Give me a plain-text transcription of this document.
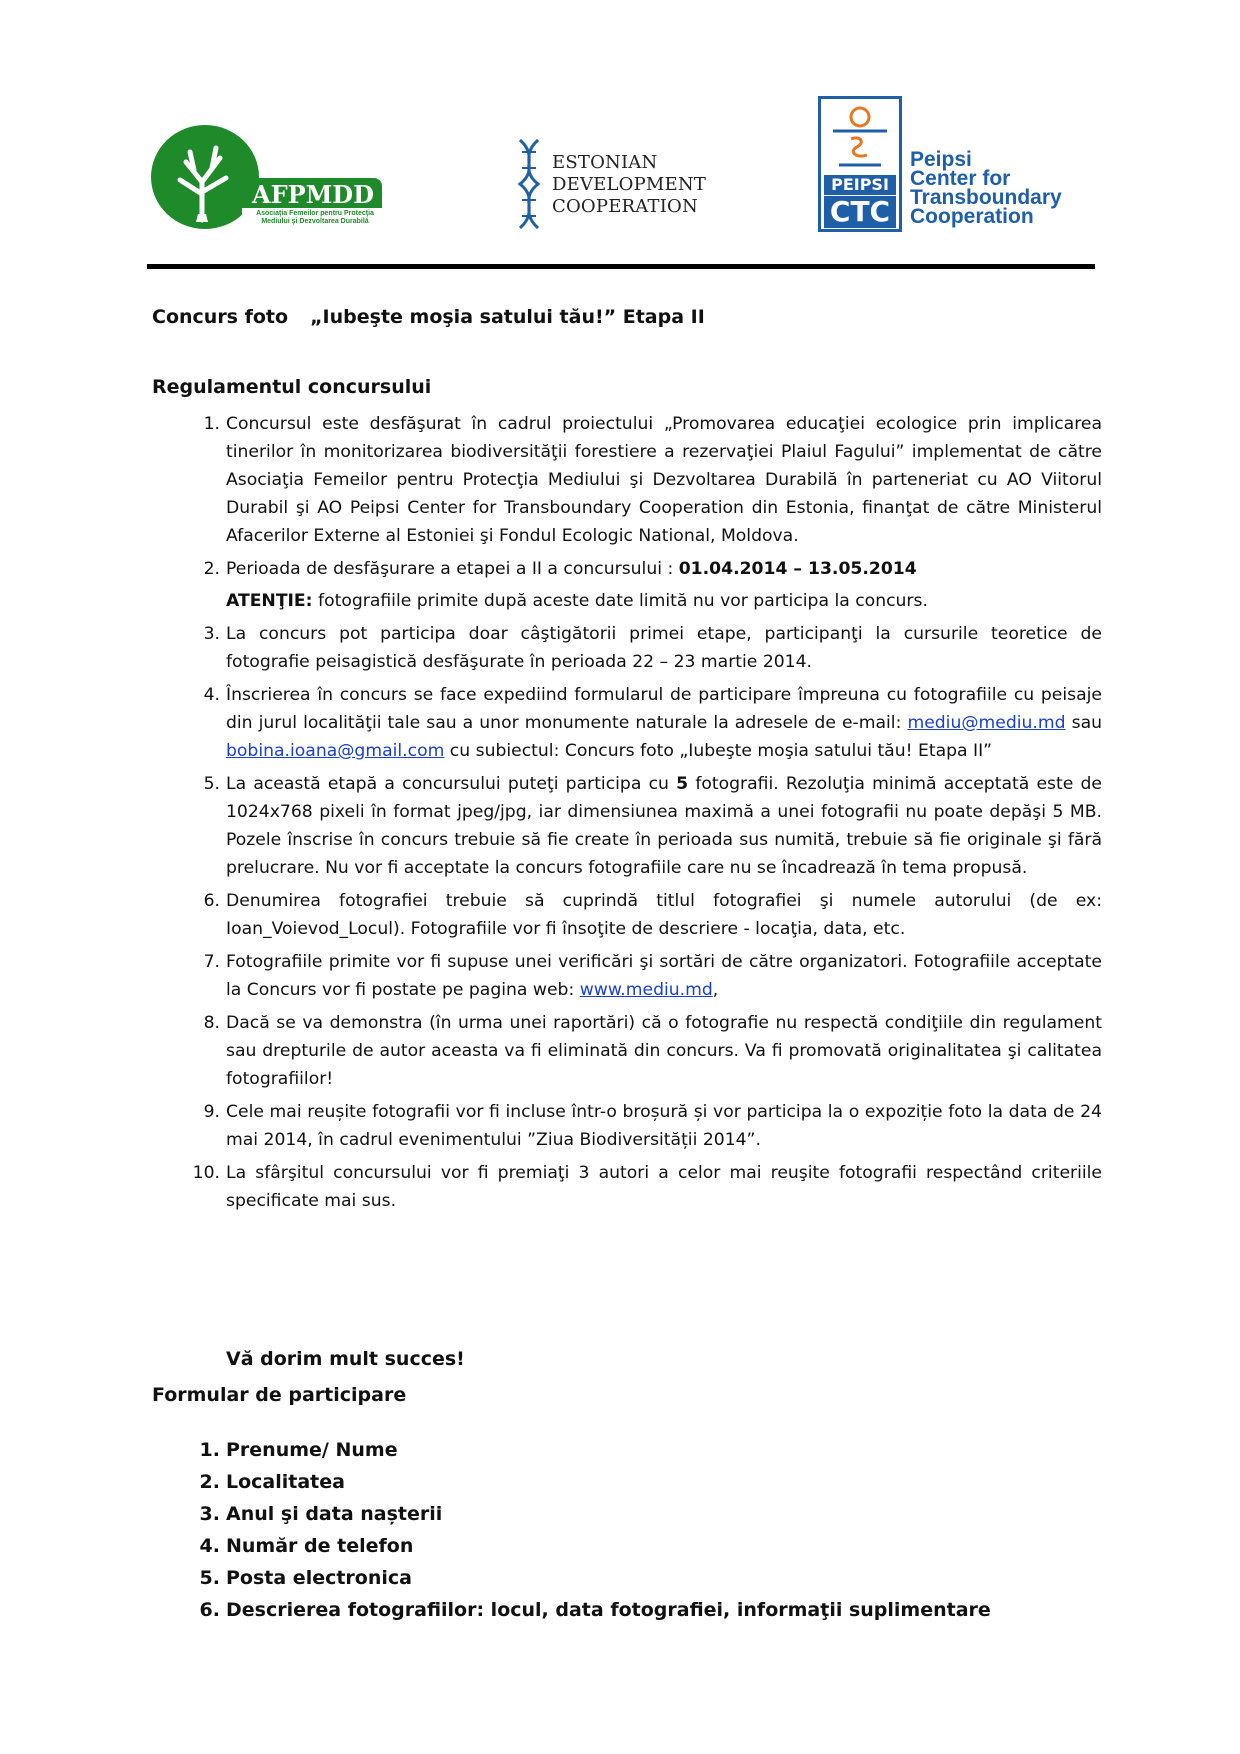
AFPMDD
Asociaţia Femeilor pentru Protecţia Mediului şi Dezvoltarea Durabilă
ESTONIAN
DEVELOPMENT
COOPERATION
PEIPSI
CTC
Peipsi
Center for
Transboundary
Cooperation
Concurs foto „Iubeşte moşia satului tău!” Etapa II
Regulamentul concursului
1 . Concursul este desfăşurat în cadrul proiectului „Promovarea educaţiei ecologice prin implicarea tinerilor în monitorizarea biodiversităţii forestiere a rezervaţiei Plaiul Fagului” implementat de către Asociaţia Femeilor pentru Protecţia Mediului şi Dezvoltarea Durabilă în parteneriat cu AO Viitorul Durabil şi AO Peipsi Center for Transboundary Cooperation din Estonia, finanţat de către Ministerul Afacerilor Externe al Estoniei şi Fondul Ecologic National, Moldova.

2 . Perioada de desfăşurare a etapei a II a concursului : 01.04.2014 – 13.05.2014

ATENŢIE: fotografiile primite după aceste date limită nu vor participa la concurs.

3 . La concurs pot participa doar câştigătorii primei etape, participanţi la cursurile teoretice de fotografie peisagistică desfăşurate în perioada 22 – 23 martie 2014.

4 . Înscrierea în concurs se face expediind formularul de participare împreuna cu fotografiile cu peisaje din jurul localităţii tale sau a unor monumente naturale la adresele de e-mail: mediu@mediu.md sau bobina.ioana@gmail.com cu subiectul: Concurs foto „Iubeşte moşia satului tău! Etapa II”

5 . La această etapă a concursului puteţi participa cu 5 fotografii. Rezoluţia minimă acceptată este de 1024x768 pixeli în format jpeg/jpg, iar dimensiunea maximă a unei fotografii nu poate depăşi 5 MB. Pozele înscrise în concurs trebuie să fie create în perioada sus numită, trebuie să fie originale şi fără prelucrare. Nu vor fi acceptate la concurs fotografiile care nu se încadrează în tema propusă.

6 . Denumirea fotografiei trebuie să cuprindă titlul fotografiei şi numele autorului (de ex: Ioan_Voievod_Locul). Fotografiile vor fi însoţite de descriere - locaţia, data, etc.

7 . Fotografiile primite vor fi supuse unei verificări şi sortări de către organizatori. Fotografiile acceptate la Concurs vor fi postate pe pagina web: www.mediu.md,

8 . Dacă se va demonstra (în urma unei raportări) că o fotografie nu respectă condiţiile din regulament sau drepturile de autor aceasta va fi eliminată din concurs. Va fi promovată originalitatea şi calitatea fotografiilor!

9 . Cele mai reușite fotografii vor fi incluse într-o broșură și vor participa la o expoziție foto la data de 24 mai 2014, în cadrul evenimentului ”Ziua Biodiversității 2014”.

10 . La sfârşitul concursului vor fi premiaţi 3 autori a celor mai reuşite fotografii respectând criteriile specificate mai sus.

Vă dorim mult succes!
Formular de participare
1 . Prenume/ Nume
2 . Localitatea
3 . Anul şi data nașterii
4 . Număr de telefon
5 . Posta electronica
6 . Descrierea fotografiilor: locul, data fotografiei, informaţii suplimentare
